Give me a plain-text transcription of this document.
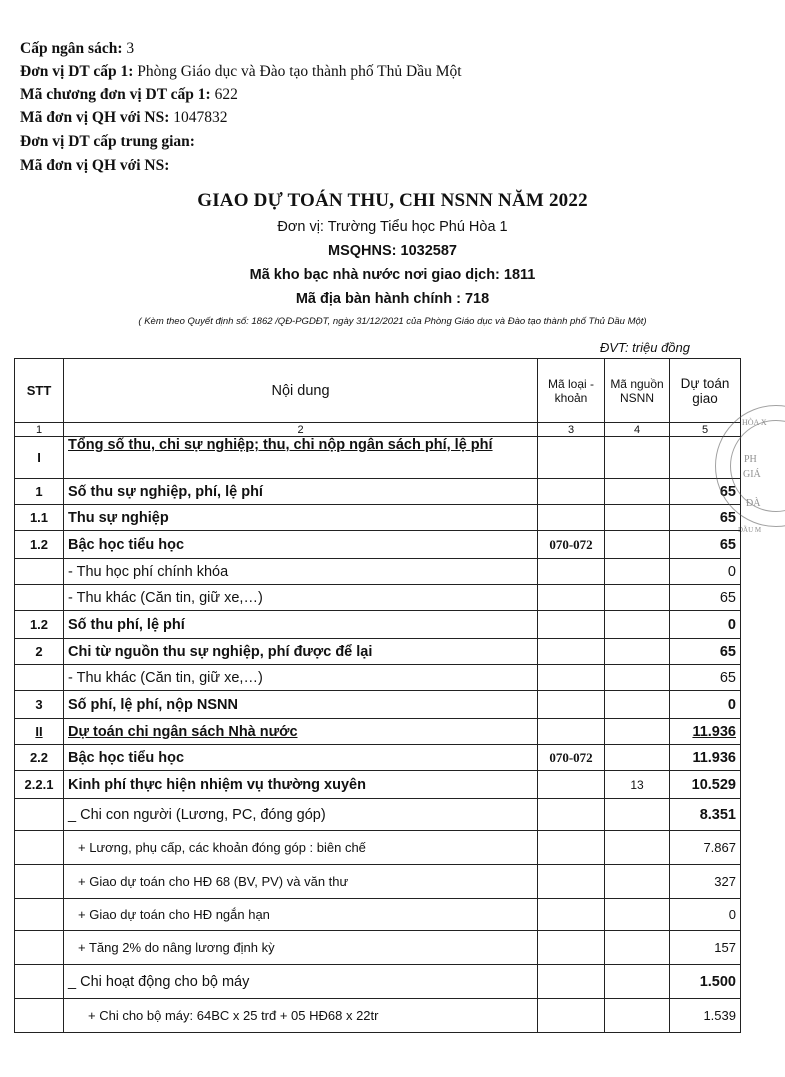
Cấp ngân sách: 3
Đơn vị DT cấp 1: Phòng Giáo dục và Đào tạo thành phố Thủ Dầu Một
Mã chương đơn vị DT cấp 1: 622
Mã đơn vị QH với NS: 1047832
Đơn vị DT cấp trung gian:
Mã đơn vị QH với NS:
GIAO DỰ TOÁN THU, CHI NSNN NĂM 2022
Đơn vị: Trường Tiểu học Phú Hòa 1
MSQHNS: 1032587
Mã kho bạc nhà nước nơi giao dịch: 1811
Mã địa bàn hành chính : 718
( Kèm theo Quyết định số: 1862 /QĐ-PGDĐT, ngày 31/12/2021 của Phòng Giáo dục và Đào tạo thành phố Thủ Dầu Một)
ĐVT: triệu đồng
STT	Nội dung	Mã loại - khoản	Mã nguồn NSNN	Dự toán giao
1	2	3	4	5
I	Tổng số thu, chi sự nghiệp; thu, chi nộp ngân sách phí, lệ phí			
1	Số thu sự nghiệp, phí, lệ phí			65
1.1	Thu sự nghiệp			65
1.2	Bậc học tiểu học	070-072		65
	- Thu học phí chính khóa			0
	- Thu khác (Căn tin, giữ xe,…)			65
1.2	Số thu phí, lệ phí			0
2	Chi từ nguồn thu sự nghiệp, phí được để lại			65
	- Thu khác (Căn tin, giữ xe,…)			65
3	Số phí, lệ phí, nộp NSNN			0
II	Dự toán chi ngân sách Nhà nước			11.936
2.2	Bậc học tiểu học	070-072		11.936
2.2.1	Kinh phí thực hiện nhiệm vụ thường xuyên		13	10.529
	_ Chi con người (Lương, PC, đóng góp)			8.351
	+ Lương, phụ cấp, các khoản đóng góp : biên chế			7.867
	+ Giao dự toán cho HĐ 68 (BV, PV) và văn thư			327
	+ Giao dự toán cho HĐ ngắn hạn			0
	+ Tăng 2% do nâng lương định kỳ			157
	_ Chi hoạt động cho bộ máy			1.500
	+ Chi cho bộ máy: 64BC x 25 trđ + 05 HĐ68 x 22tr			1.539
HÒA X
PH
GIÁ
ĐÀ
DẦU M
